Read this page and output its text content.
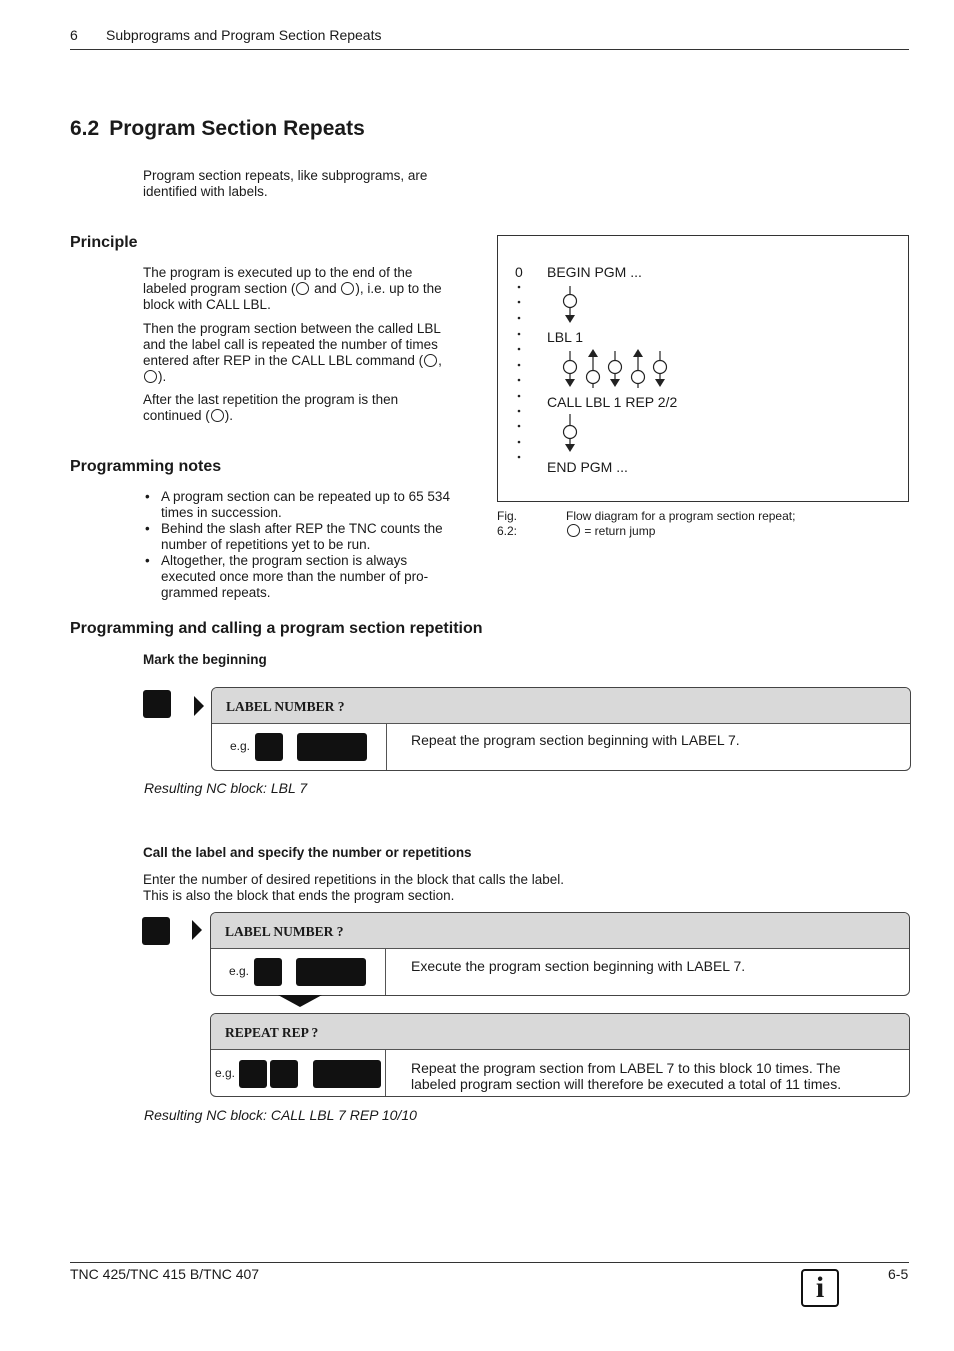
6 Subprograms and Program Section Repeats
6.2 Program Section Repeats

Program section repeats, like subprograms, are
identified with labels.

Principle

The program is executed up to the end of the
labeled program section ( and ), i.e. up to the
block with CALL LBL.

Then the program section between the called LBL
and the label call is repeated the number of times
entered after REP in the CALL LBL command ( ,
).

After the last repetition the program is then
continued ( ).

0 BEGIN PGM ...
LBL 1
CALL LBL 1 REP 2/2
END PGM ...
Fig. 6.2:
Flow diagram for a program section repeat;
= return jump
Programming notes
• A program section can be repeated up to 65 534
times in succession.
• Behind the slash after REP the TNC counts the
number of repetitions yet to be run.
• Altogether, the program section is always
executed once more than the number of pro-
grammed repeats.
Programming and calling a program section repetition
Mark the beginning
LABEL NUMBER ?
e.g.	Repeat the program section beginning with LABEL 7.
Resulting NC block: LBL 7
Call the label and specify the number or repetitions

Enter the number of desired repetitions in the block that calls the label.
This is also the block that ends the program section.

LABEL NUMBER ?
e.g.	Execute the program section beginning with LABEL 7.
REPEAT REP ?
e.g.	Repeat the program section from LABEL 7 to this block 10 times. The
labeled program section will therefore be executed a total of 11 times.
Resulting NC block: CALL LBL 7 REP 10/10
TNC 425/TNC 415 B/TNC 407	i	6-5
